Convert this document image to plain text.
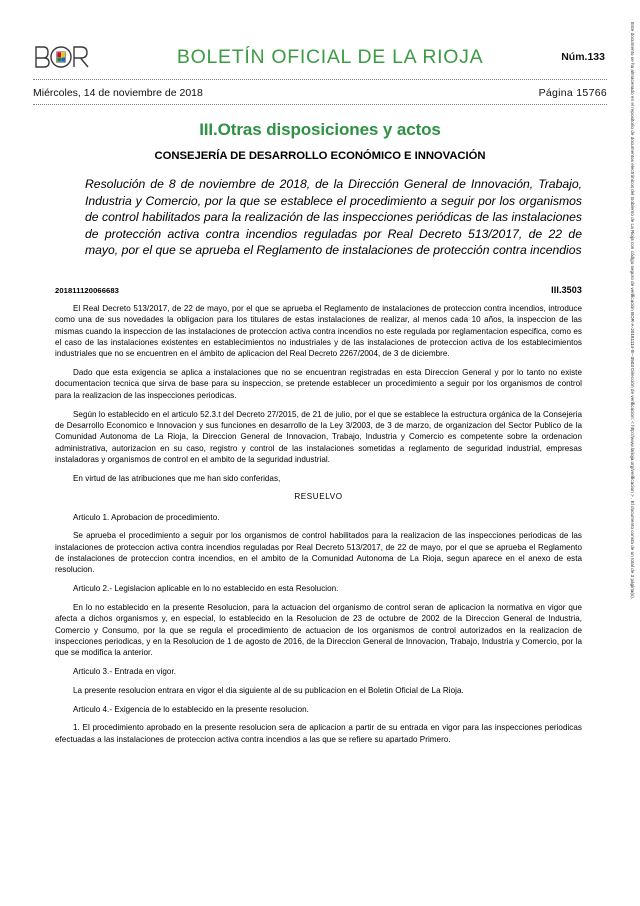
BOLETÍN OFICIAL DE LA RIOJA	Núm.133
Miércoles, 14 de noviembre de 2018	Página 15766
III.Otras disposiciones y actos
CONSEJERÍA DE DESARROLLO ECONÓMICO E INNOVACIÓN
Resolución de 8 de noviembre de 2018, de la Dirección General de Innovación, Trabajo, Industria y Comercio, por la que se establece el procedimiento a seguir por los organismos de control habilitados para la realización de las inspecciones periódicas de las instalaciones de protección activa contra incendios reguladas por Real Decreto 513/2017, de 22 de mayo, por el que se aprueba el Reglamento de instalaciones de protección contra incendios
201811120066683	III.3503

El Real Decreto 513/2017, de 22 de mayo, por el que se aprueba el Reglamento de instalaciones de proteccion contra incendios, introduce como una de sus novedades la obligacion para los titulares de estas instalaciones de realizar, al menos cada 10 años, la inspeccion de las mismas cuando la inspeccion de las instalaciones de proteccion activa contra incendios no este regulada por reglamentacion especifica, como es el caso de las instalaciones existentes en establecimientos no industriales y de las instalaciones de proteccion activa de los establecimientos industriales que no se encuentren en el ámbito de aplicacion del Real Decreto 2267/2004, de 3 de diciembre.

Dado que esta exigencia se aplica a instalaciones que no se encuentran registradas en esta Direccion General y por lo tanto no existe documentacion tecnica que sirva de base para su inspeccion, se pretende establecer un procedimiento a seguir por los organismos de control para la realizacion de las inspecciones periodicas.

Según lo establecido en el articulo 52.3.t del Decreto 27/2015, de 21 de julio, por el que se establece la estructura orgánica de la Consejeria de Desarrollo Economico e Innovacion y sus funciones en desarrollo de la Ley 3/2003, de 3 de marzo, de organizacion del Sector Publico de la Comunidad Autonoma de La Rioja, la Direccion General de Innovacion, Trabajo, Industria y Comercio es competente sobre la ordenacion administrativa, autorizacion en su caso, registro y control de las instalaciones sometidas a reglamento de seguridad industrial, empresas instaladoras y organismos de control en el ambito de la seguridad industrial.

En virtud de las atribuciones que me han sido conferidas,

RESUELVO

Articulo 1. Aprobacion de procedimiento.

Se aprueba el procedimiento a seguir por los organismos de control habilitados para la realizacion de las inspecciones periodicas de las instalaciones de proteccion activa contra incendios reguladas por Real Decreto 513/2017, de 22 de mayo, por el que se aprueba el Reglamento de instalaciones de proteccion contra incendios, en el ambito de la Comunidad Autonoma de La Rioja, segun aparece en el anexo de esta resolucion.

Articulo 2.- Legislacion aplicable en lo no establecido en esta Resolucion.

En lo no establecido en la presente Resolucion, para la actuacion del organismo de control seran de aplicacion la normativa en vigor que afecta a dichos organismos y, en especial, lo establecido en la Resolucion de 23 de octubre de 2002 de la Direccion General de Industria, Comercio y Consumo, por la que se regula el procedimiento de actuacion de los organismos de control autorizados en la realizacion de inspecciones periodicas, y en la Resolucion de 1 de agosto de 2016, de la Direccion General de Innovacion, Trabajo, Industria y Comercio, por la que se modifica la anterior.

Articulo 3.- Entrada en vigor.

La presente resolucion entrara en vigor el dia siguiente al de su publicacion en el Boletin Oficial de La Rioja.

Articulo 4.- Exigencia de lo establecido en la presente resolucion.

1. El procedimiento aprobado en la presente resolucion sera de aplicacion a partir de su entrada en vigor para las inspecciones periodicas efectuadas a las instalaciones de proteccion activa contra incendios a las que se refiere su apartado Primero.

Este documento se ha almacenado en el repositorio de documentos electrónicos del Gobierno de La Rioja con código seguro de verificación BOR-A-20181114-III--3503 Dirección de verificación: < http://www.larioja.org/verificacion > . El documento consta de un total de 3 página(s).
